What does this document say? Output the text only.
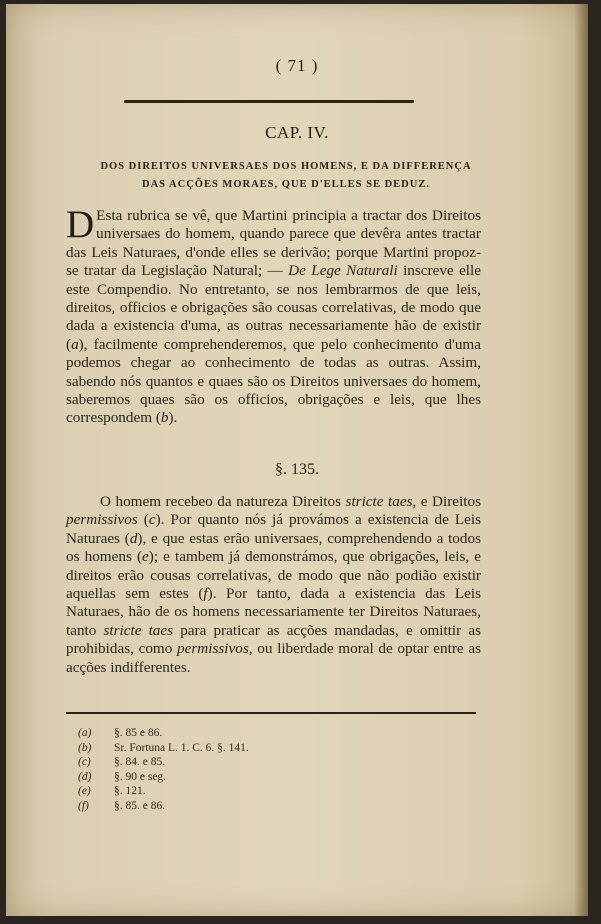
( 71 )
CAP. IV.
DOS DIREITOS UNIVERSAES DOS HOMENS, E DA DIFFERENÇA
DAS ACÇÕES MORAES, QUE D'ELLES SE DEDUZ.
D Esta rubrica se vê, que Martini principia a tractar dos Direitos universaes do homem, quando parece que devêra antes tractar das Leis Naturaes, d'onde elles se derivão; porque Martini propoz-se tratar da Legislação Natural; — De Lege Naturali inscreve elle este Compendio. No entretanto, se nos lembrarmos de que leis, direitos, officios e obrigações são cousas correlativas, de modo que dada a existencia d'uma, as outras necessariamente hão de existir (a), facilmente comprehenderemos, que pelo conhecimento d'uma podemos chegar ao conhecimento de todas as outras. Assim, sabendo nós quantos e quaes são os Direitos universaes do homem, saberemos quaes são os officios, obrigações e leis, que lhes correspondem (b).
§. 135.
O homem recebeo da natureza Direitos stricte taes, e Direitos permissivos (c). Por quanto nós já provámos a existencia de Leis Naturaes (d), e que estas erão universaes, comprehendendo a todos os homens (e); e tambem já demonstrámos, que obrigações, leis, e direitos erão cousas correlativas, de modo que não podião existir aquellas sem estes (f). Por tanto, dada a existencia das Leis Naturaes, hão de os homens necessariamente ter Direitos Naturaes, tanto stricte taes para praticar as acções mandadas, e omittir as prohibidas, como permissivos, ou liberdade moral de optar entre as acções indifferentes.
(a) §. 85 e 86.
(b) Sr. Fortuna L. 1. C. 6. §. 141.
(c) §. 84. e 85.
(d) §. 90 e seg.
(e) §. 121.
(f) §. 85. e 86.
